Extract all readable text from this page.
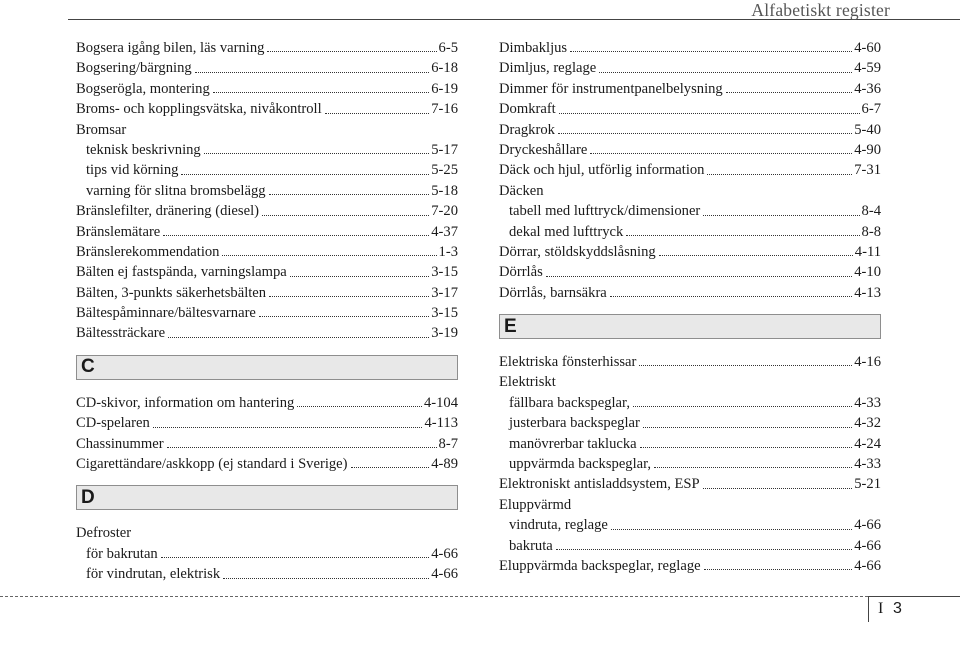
Alfabetiskt register
Bogsera igång bilen, läs varning	6-5
Bogsering/bärgning	6-18
Bogserögla, montering	6-19
Broms- och kopplingsvätska, nivåkontroll	7-16
Bromsar
teknisk beskrivning	5-17
tips vid körning	5-25
varning för slitna bromsbelägg	5-18
Bränslefilter, dränering (diesel)	7-20
Bränslemätare	4-37
Bränslerekommendation	1-3
Bälten ej fastspända, varningslampa	3-15
Bälten, 3-punkts säkerhetsbälten	3-17
Bältespåminnare/bältesvarnare	3-15
Bältessträckare	3-19
C
CD-skivor, information om hantering	4-104
CD-spelaren	4-113
Chassinummer	8-7
Cigarettändare/askkopp (ej standard i Sverige)	4-89
D
Defroster
för bakrutan	4-66
för vindrutan, elektrisk	4-66
Dimbakljus	4-60
Dimljus, reglage	4-59
Dimmer för instrumentpanelbelysning	4-36
Domkraft	6-7
Dragkrok	5-40
Dryckeshållare	4-90
Däck och hjul, utförlig information	7-31
Däcken
tabell med lufttryck/dimensioner	8-4
dekal med lufttryck	8-8
Dörrar, stöldskyddslåsning	4-11
Dörrlås	4-10
Dörrlås, barnsäkra	4-13
E
Elektriska fönsterhissar	4-16
Elektriskt
fällbara backspeglar,	4-33
justerbara backspeglar	4-32
manövrerbar taklucka	4-24
uppvärmda backspeglar,	4-33
Elektroniskt antisladdsystem, ESP	5-21
Eluppvärmd
vindruta, reglage	4-66
bakruta	4-66
Eluppvärmda backspeglar, reglage	4-66
I 3
